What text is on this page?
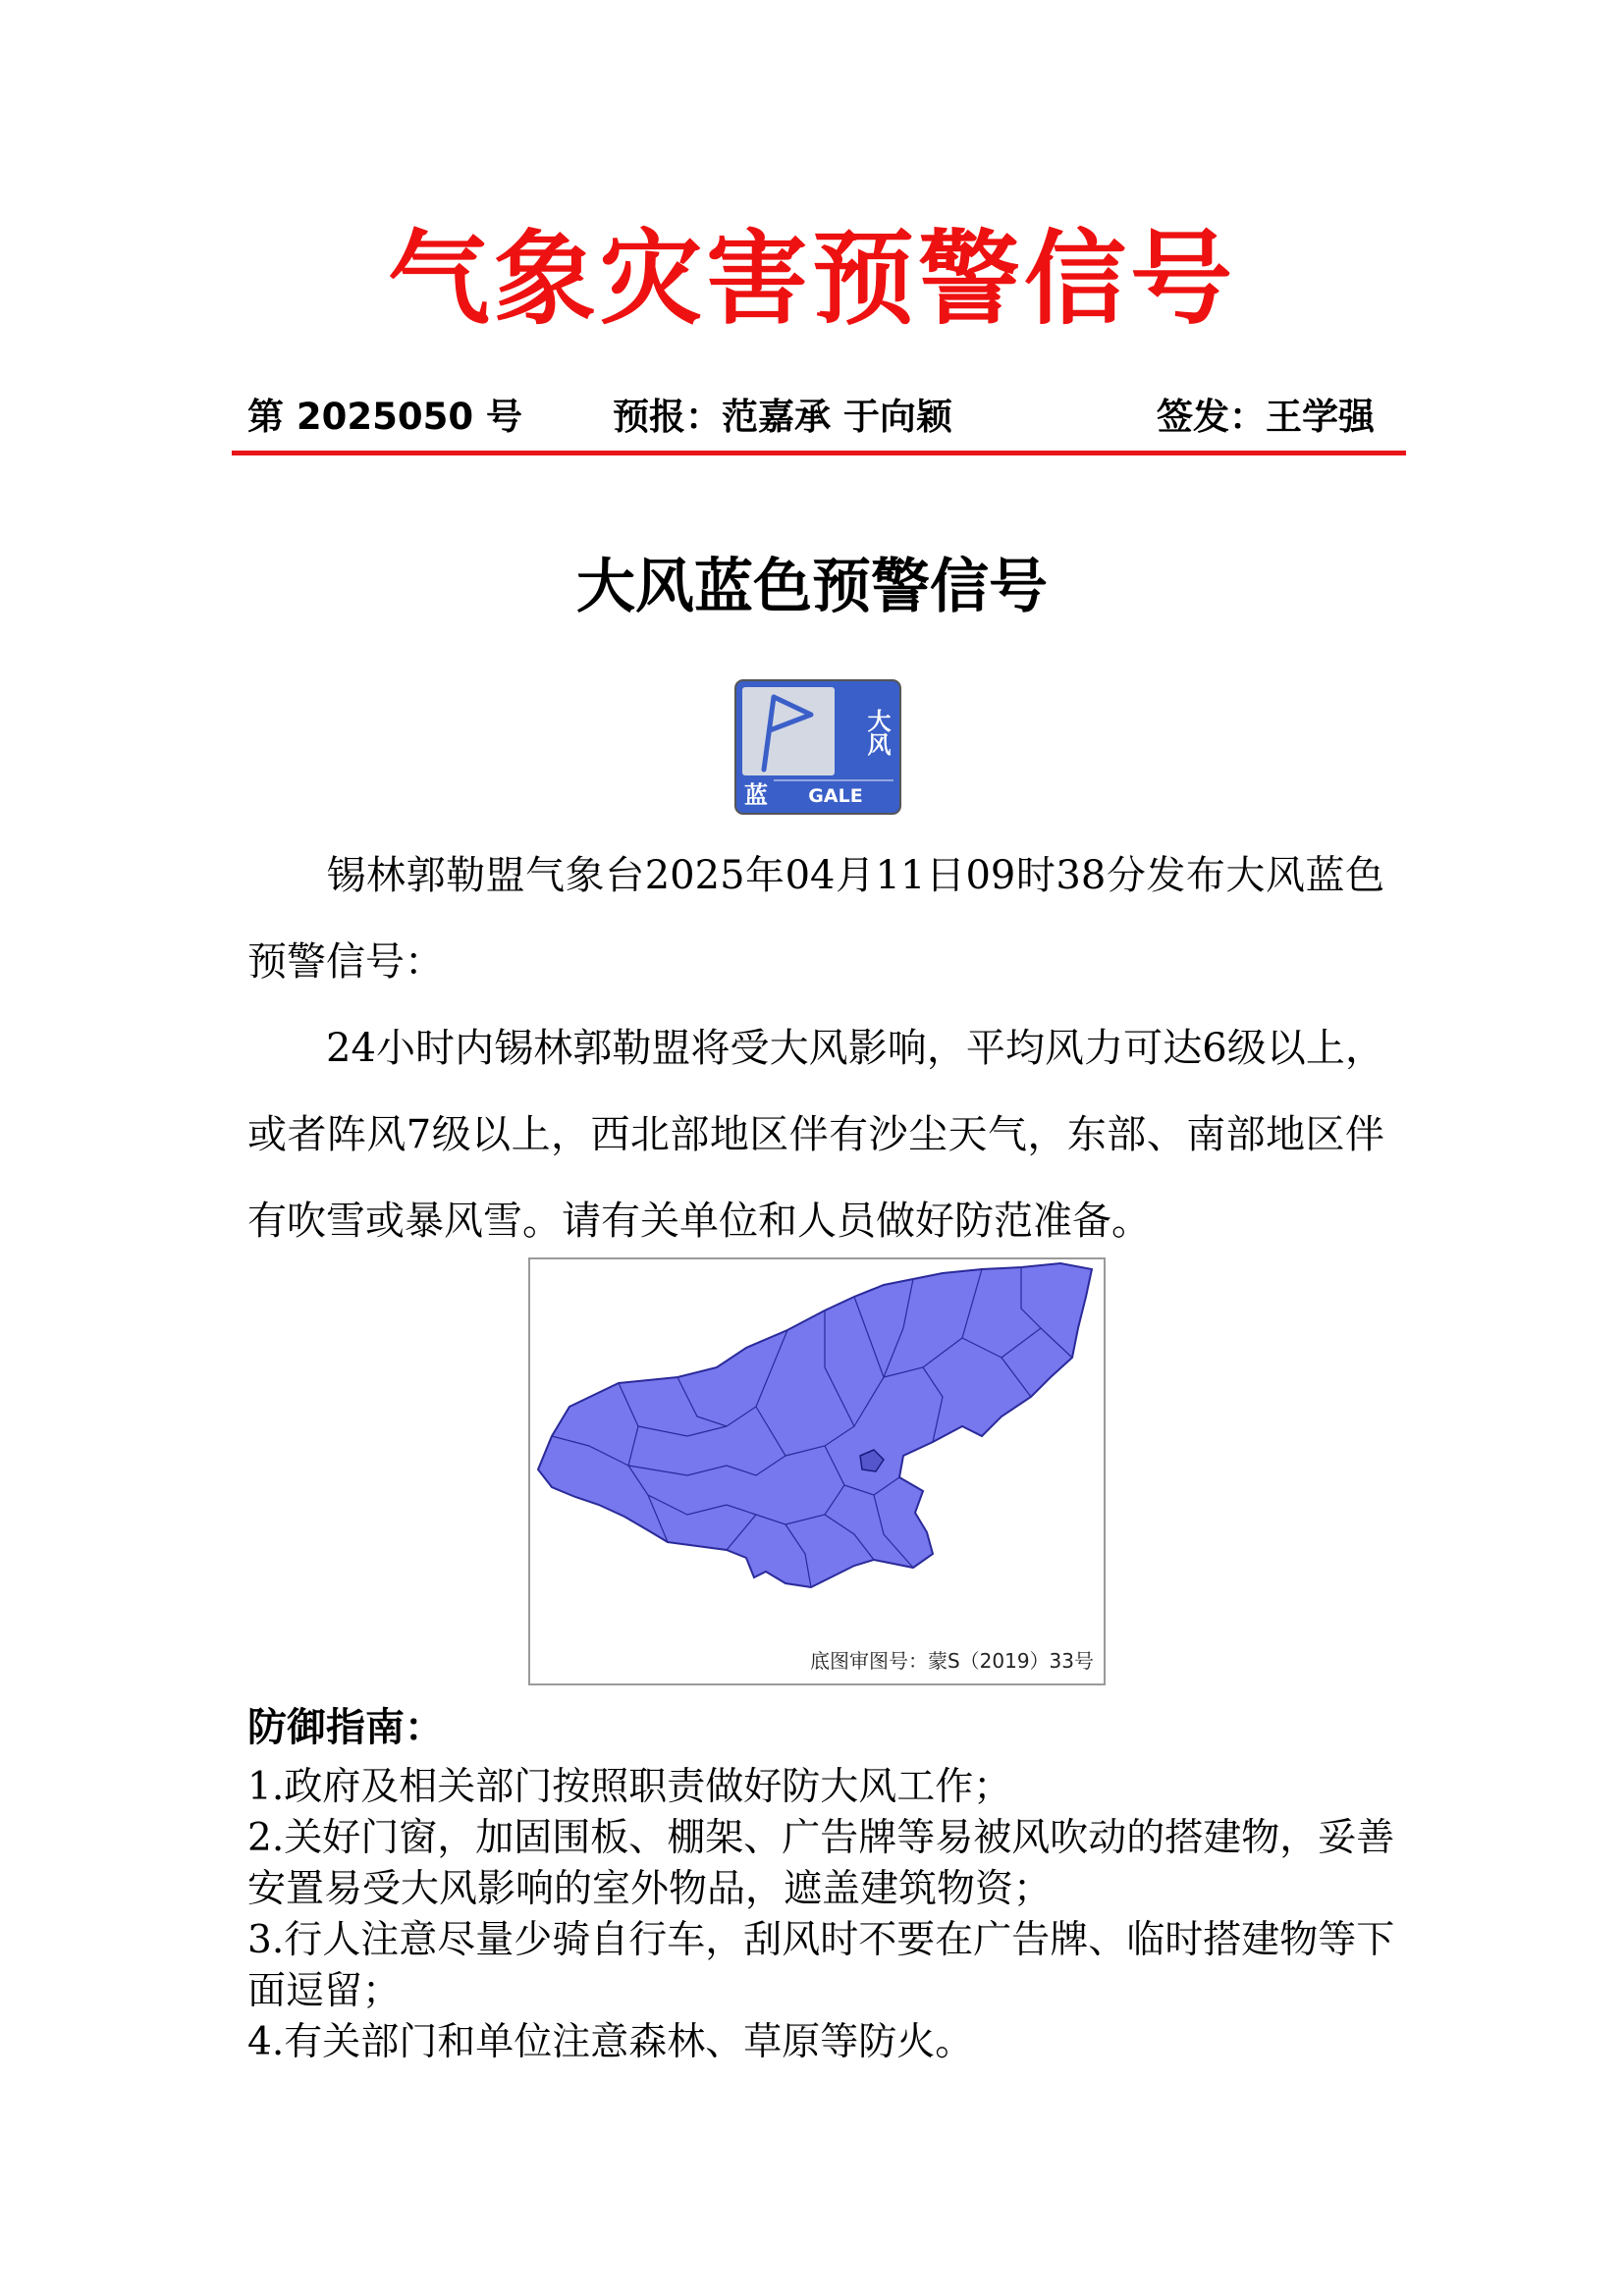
气象灾害预警信号
第 2025050 号 预报：范嘉承 于向颖	签发：王学强
大风蓝色预警信号
大风
蓝	GALE
锡林郭勒盟气象台2025年04月11日09时38分发布大风蓝色预警信号：
24小时内锡林郭勒盟将受大风影响，平均风力可达6级以上，或者阵风7级以上，西北部地区伴有沙尘天气，东部、南部地区伴有吹雪或暴风雪。请有关单位和人员做好防范准备。
底图审图号：蒙S（2019）33号
防御指南：
1.政府及相关部门按照职责做好防大风工作；
2.关好门窗，加固围板、棚架、广告牌等易被风吹动的搭建物，妥善安置易受大风影响的室外物品，遮盖建筑物资；
3.行人注意尽量少骑自行车，刮风时不要在广告牌、临时搭建物等下面逗留；
4.有关部门和单位注意森林、草原等防火。
